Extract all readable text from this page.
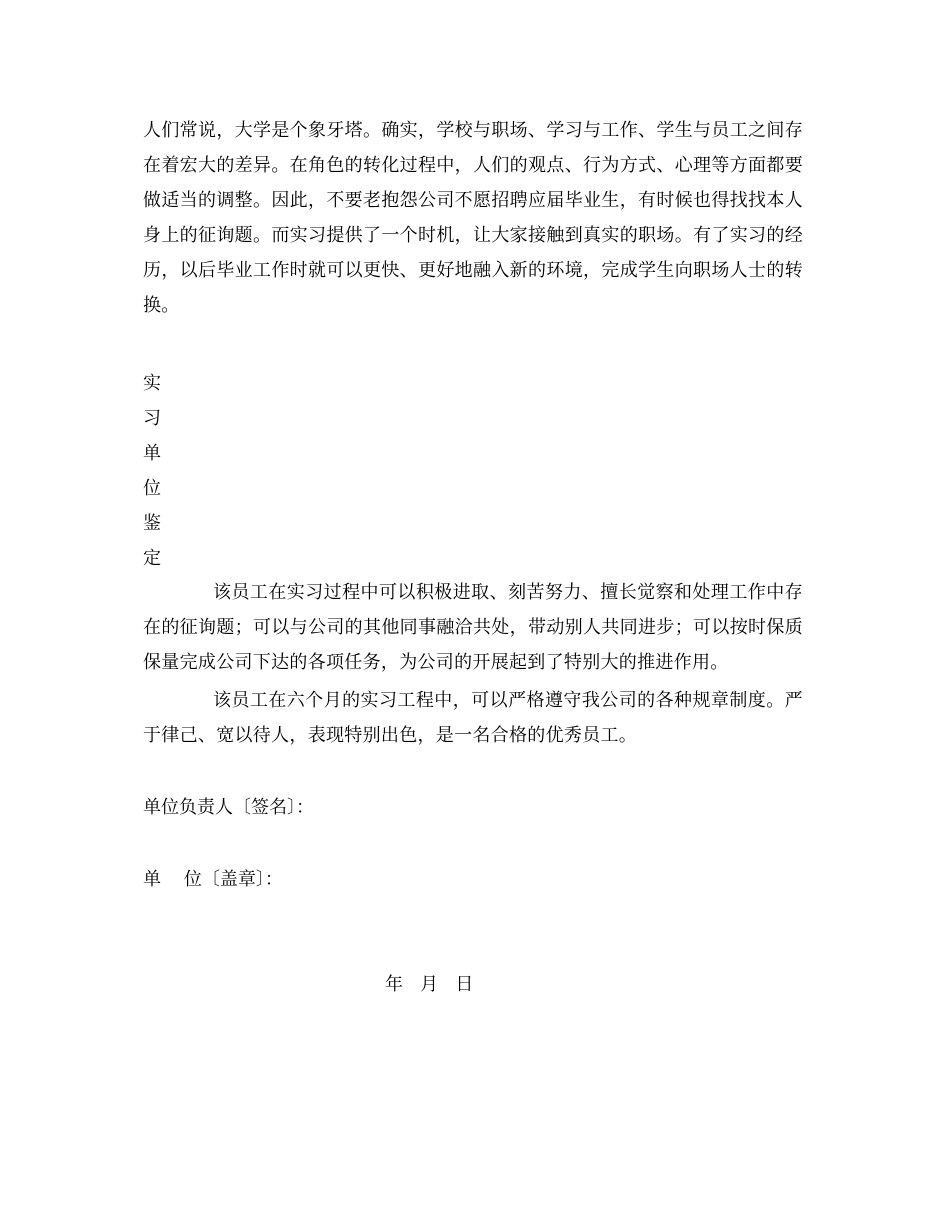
人们常说，大学是个象牙塔。确实，学校与职场、学习与工作、学生与员工之间存在着宏大的差异。在角色的转化过程中，人们的观点、行为方式、心理等方面都要做适当的调整。因此，不要老抱怨公司不愿招聘应届毕业生，有时候也得找找本人身上的征询题。而实习提供了一个时机，让大家接触到真实的职场。有了实习的经历，以后毕业工作时就可以更快、更好地融入新的环境，完成学生向职场人士的转换。

实
习
单
位
鉴
定

该员工在实习过程中可以积极进取、刻苦努力、擅长觉察和处理工作中存在的征询题；可以与公司的其他同事融洽共处，带动别人共同进步；可以按时保质保量完成公司下达的各项任务，为公司的开展起到了特别大的推进作用。

该员工在六个月的实习工程中，可以严格遵守我公司的各种规章制度。严于律己、宽以待人，表现特别出色，是一名合格的优秀员工。

单位负责人〔签名〕：

单    位〔盖章〕：

年   月   日
